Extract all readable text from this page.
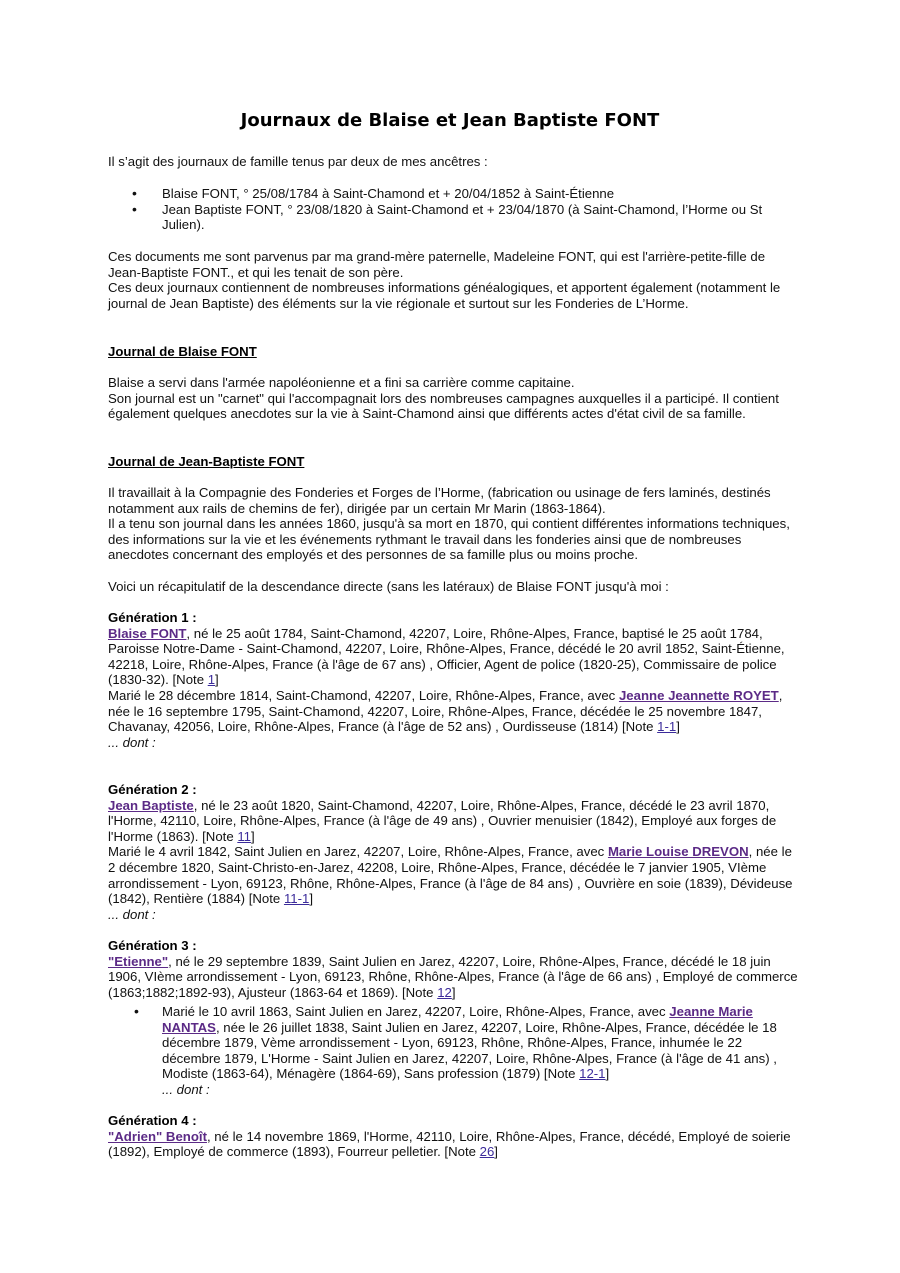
Journaux de Blaise et Jean Baptiste FONT

Il s’agit des journaux de famille tenus par deux de mes ancêtres :

• Blaise FONT, ° 25/08/1784 à Saint-Chamond et + 20/04/1852 à Saint-Étienne
• Jean Baptiste FONT, ° 23/08/1820 à Saint-Chamond et + 23/04/1870 (à Saint-Chamond, l’Horme ou St Julien).
Ces documents me sont parvenus par ma grand-mère paternelle, Madeleine FONT, qui est l'arrière-petite-fille de Jean-Baptiste FONT., et qui les tenait de son père.
Ces deux journaux contiennent de nombreuses informations généalogiques, et apportent également (notamment le journal de Jean Baptiste) des éléments sur la vie régionale et surtout sur les Fonderies de L’Horme.
Journal de Blaise FONT
Blaise a servi dans l'armée napoléonienne et a fini sa carrière comme capitaine.
Son journal est un "carnet" qui l'accompagnait lors des nombreuses campagnes auxquelles il a participé. Il contient également quelques anecdotes sur la vie à Saint-Chamond ainsi que différents actes d'état civil de sa famille.
Journal de Jean-Baptiste FONT
Il travaillait à la Compagnie des Fonderies et Forges de l’Horme, (fabrication ou usinage de fers laminés, destinés notamment aux rails de chemins de fer), dirigée par un certain Mr Marin (1863-1864).
Il a tenu son journal dans les années 1860, jusqu'à sa mort en 1870, qui contient différentes informations techniques, des informations sur la vie et les événements rythmant le travail dans les fonderies ainsi que de nombreuses anecdotes concernant des employés et des personnes de sa famille plus ou moins proche.

Voici un récapitulatif de la descendance directe (sans les latéraux) de Blaise FONT jusqu'à moi :

Génération 1 :
Blaise FONT, né le 25 août 1784, Saint-Chamond, 42207, Loire, Rhône-Alpes, France, baptisé le 25 août 1784, Paroisse Notre-Dame - Saint-Chamond, 42207, Loire, Rhône-Alpes, France, décédé le 20 avril 1852, Saint-Étienne, 42218, Loire, Rhône-Alpes, France (à l'âge de 67 ans) , Officier, Agent de police (1820-25), Commissaire de police (1830-32). [Note 1]
Marié le 28 décembre 1814, Saint-Chamond, 42207, Loire, Rhône-Alpes, France, avec Jeanne Jeannette ROYET, née le 16 septembre 1795, Saint-Chamond, 42207, Loire, Rhône-Alpes, France, décédée le 25 novembre 1847, Chavanay, 42056, Loire, Rhône-Alpes, France (à l'âge de 52 ans) , Ourdisseuse (1814) [Note 1-1]
... dont :
Génération 2 :
Jean Baptiste, né le 23 août 1820, Saint-Chamond, 42207, Loire, Rhône-Alpes, France, décédé le 23 avril 1870, l'Horme, 42110, Loire, Rhône-Alpes, France (à l'âge de 49 ans) , Ouvrier menuisier (1842), Employé aux forges de l'Horme (1863). [Note 11]
Marié le 4 avril 1842, Saint Julien en Jarez, 42207, Loire, Rhône-Alpes, France, avec Marie Louise DREVON, née le 2 décembre 1820, Saint-Christo-en-Jarez, 42208, Loire, Rhône-Alpes, France, décédée le 7 janvier 1905, VIème arrondissement - Lyon, 69123, Rhône, Rhône-Alpes, France (à l'âge de 84 ans) , Ouvrière en soie (1839), Dévideuse (1842), Rentière (1884) [Note 11-1]
... dont :
Génération 3 :
"Etienne", né le 29 septembre 1839, Saint Julien en Jarez, 42207, Loire, Rhône-Alpes, France, décédé le 18 juin 1906, VIème arrondissement - Lyon, 69123, Rhône, Rhône-Alpes, France (à l'âge de 66 ans) , Employé de commerce (1863;1882;1892-93), Ajusteur (1863-64 et 1869). [Note 12]
• Marié le 10 avril 1863, Saint Julien en Jarez, 42207, Loire, Rhône-Alpes, France, avec Jeanne Marie NANTAS, née le 26 juillet 1838, Saint Julien en Jarez, 42207, Loire, Rhône-Alpes, France, décédée le 18 décembre 1879, Vème arrondissement - Lyon, 69123, Rhône, Rhône-Alpes, France, inhumée le 22 décembre 1879, L'Horme - Saint Julien en Jarez, 42207, Loire, Rhône-Alpes, France (à l'âge de 41 ans) , Modiste (1863-64), Ménagère (1864-69), Sans profession (1879) [Note 12-1]
... dont :
Génération 4 :
"Adrien" Benoît, né le 14 novembre 1869, l'Horme, 42110, Loire, Rhône-Alpes, France, décédé, Employé de soierie (1892), Employé de commerce (1893), Fourreur pelletier. [Note 26]
